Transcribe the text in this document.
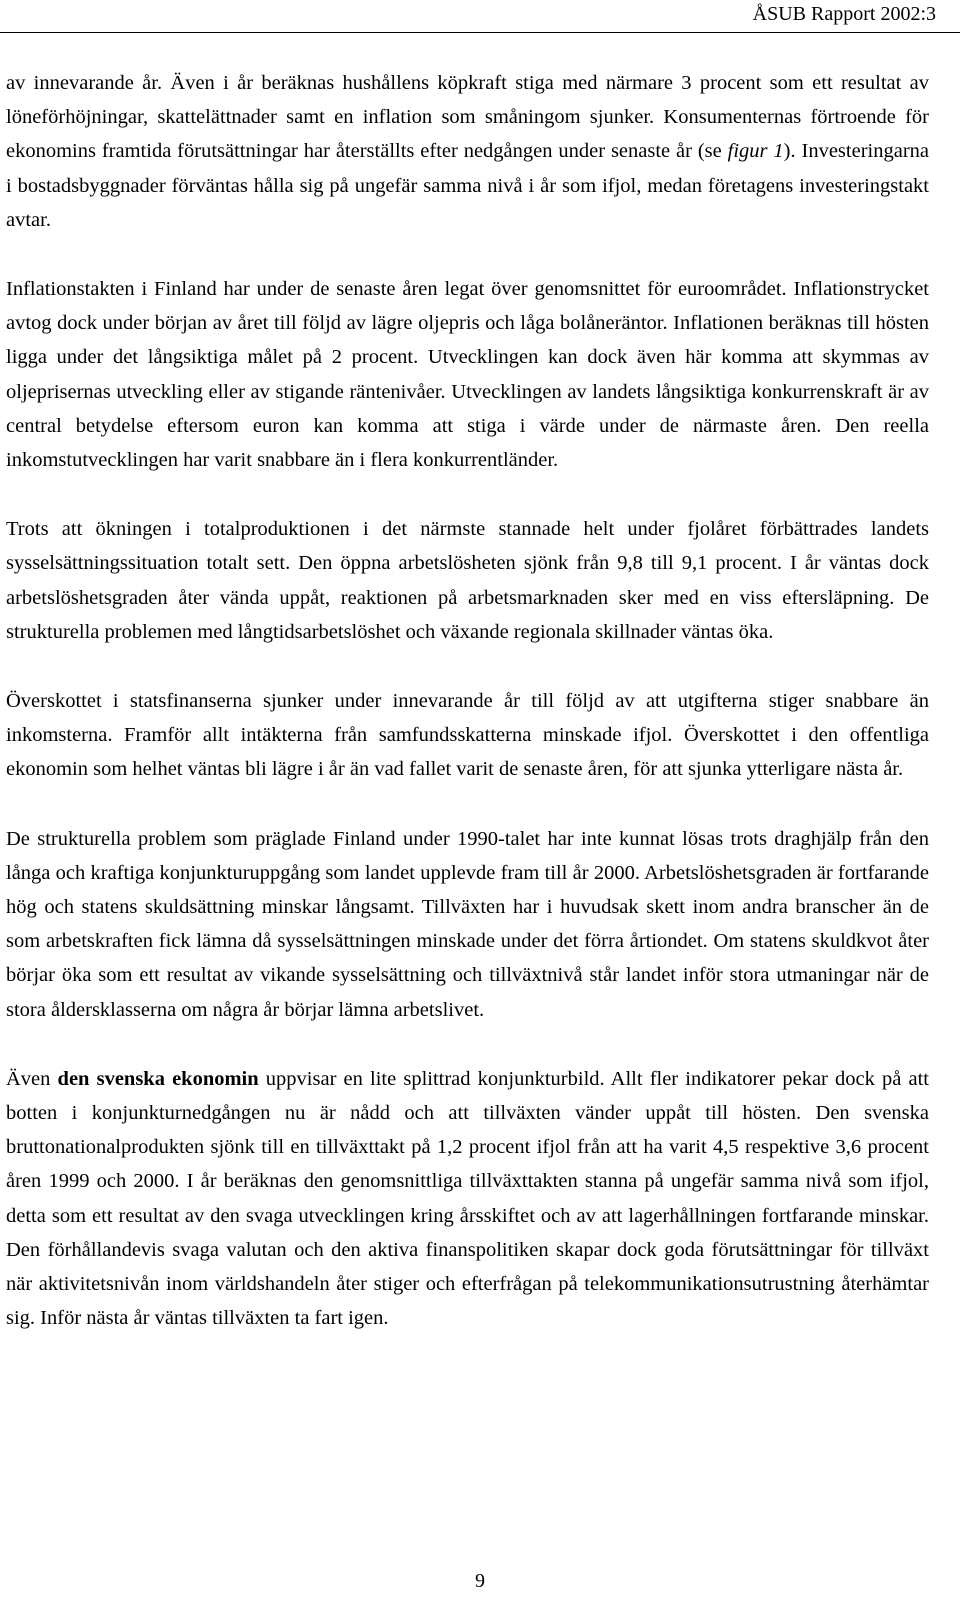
ÅSUB Rapport 2002:3

av innevarande år. Även i år beräknas hushållens köpkraft stiga med närmare 3 procent som ett resultat av löneförhöjningar, skattelättnader samt en inflation som småningom sjunker. Konsumenternas förtroende för ekonomins framtida förutsättningar har återställts efter nedgången under senaste år (se figur 1). Investeringarna i bostadsbyggnader förväntas hålla sig på ungefär samma nivå i år som ifjol, medan företagens investeringstakt avtar.

Inflationstakten i Finland har under de senaste åren legat över genomsnittet för euroområdet. Inflationstrycket avtog dock under början av året till följd av lägre oljepris och låga bolåneräntor. Inflationen beräknas till hösten ligga under det långsiktiga målet på 2 procent. Utvecklingen kan dock även här komma att skymmas av oljeprisernas utveckling eller av stigande räntenivåer. Utvecklingen av landets långsiktiga konkurrenskraft är av central betydelse eftersom euron kan komma att stiga i värde under de närmaste åren. Den reella inkomstutvecklingen har varit snabbare än i flera konkurrentländer.

Trots att ökningen i totalproduktionen i det närmste stannade helt under fjolåret förbättrades landets sysselsättningssituation totalt sett. Den öppna arbetslösheten sjönk från 9,8 till 9,1 procent. I år väntas dock arbetslöshetsgraden åter vända uppåt, reaktionen på arbetsmarknaden sker med en viss eftersläpning. De strukturella problemen med långtidsarbetslöshet och växande regionala skillnader väntas öka.

Överskottet i statsfinanserna sjunker under innevarande år till följd av att utgifterna stiger snabbare än inkomsterna. Framför allt intäkterna från samfundsskatterna minskade ifjol. Överskottet i den offentliga ekonomin som helhet väntas bli lägre i år än vad fallet varit de senaste åren, för att sjunka ytterligare nästa år.

De strukturella problem som präglade Finland under 1990-talet har inte kunnat lösas trots draghjälp från den långa och kraftiga konjunkturuppgång som landet upplevde fram till år 2000. Arbetslöshetsgraden är fortfarande hög och statens skuldsättning minskar långsamt. Tillväxten har i huvudsak skett inom andra branscher än de som arbetskraften fick lämna då sysselsättningen minskade under det förra årtiondet. Om statens skuldkvot åter börjar öka som ett resultat av vikande sysselsättning och tillväxtnivå står landet inför stora utmaningar när de stora åldersklasserna om några år börjar lämna arbetslivet.

Även den svenska ekonomin uppvisar en lite splittrad konjunkturbild. Allt fler indikatorer pekar dock på att botten i konjunkturnedgången nu är nådd och att tillväxten vänder uppåt till hösten. Den svenska bruttonationalprodukten sjönk till en tillväxttakt på 1,2 procent ifjol från att ha varit 4,5 respektive 3,6 procent åren 1999 och 2000. I år beräknas den genomsnittliga tillväxttakten stanna på ungefär samma nivå som ifjol, detta som ett resultat av den svaga utvecklingen kring årsskiftet och av att lagerhållningen fortfarande minskar. Den förhållandevis svaga valutan och den aktiva finanspolitiken skapar dock goda förutsättningar för tillväxt när aktivitetsnivån inom världshandeln åter stiger och efterfrågan på telekommunikationsutrustning återhämtar sig. Inför nästa år väntas tillväxten ta fart igen.

9
